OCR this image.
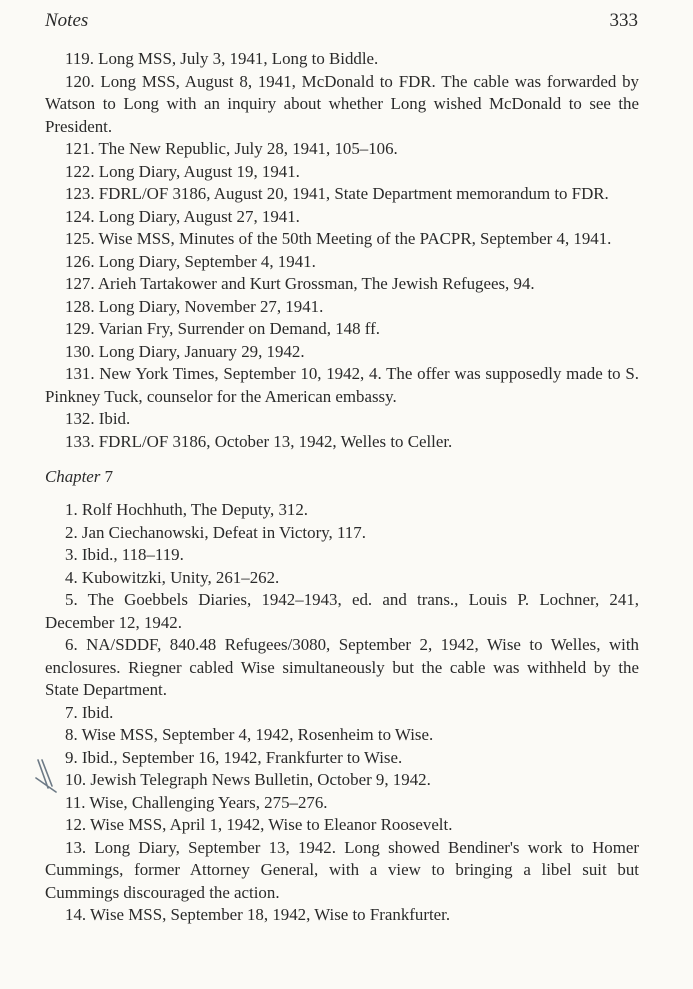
Notes	333

119. Long MSS, July 3, 1941, Long to Biddle.

120. Long MSS, August 8, 1941, McDonald to FDR. The cable was forwarded by Watson to Long with an inquiry about whether Long wished McDonald to see the President.

121. The New Republic, July 28, 1941, 105–106.

122. Long Diary, August 19, 1941.

123. FDRL/OF 3186, August 20, 1941, State Department memorandum to FDR.

124. Long Diary, August 27, 1941.

125. Wise MSS, Minutes of the 50th Meeting of the PACPR, September 4, 1941.

126. Long Diary, September 4, 1941.

127. Arieh Tartakower and Kurt Grossman, The Jewish Refugees, 94.

128. Long Diary, November 27, 1941.

129. Varian Fry, Surrender on Demand, 148 ff.

130. Long Diary, January 29, 1942.

131. New York Times, September 10, 1942, 4. The offer was supposedly made to S. Pinkney Tuck, counselor for the American embassy.

132. Ibid.

133. FDRL/OF 3186, October 13, 1942, Welles to Celler.

Chapter 7

1. Rolf Hochhuth, The Deputy, 312.

2. Jan Ciechanowski, Defeat in Victory, 117.

3. Ibid., 118–119.

4. Kubowitzki, Unity, 261–262.

5. The Goebbels Diaries, 1942–1943, ed. and trans., Louis P. Lochner, 241, December 12, 1942.

6. NA/SDDF, 840.48 Refugees/3080, September 2, 1942, Wise to Welles, with enclosures. Riegner cabled Wise simultaneously but the cable was withheld by the State Department.

7. Ibid.

8. Wise MSS, September 4, 1942, Rosenheim to Wise.

9. Ibid., September 16, 1942, Frankfurter to Wise.

10. Jewish Telegraph News Bulletin, October 9, 1942.

11. Wise, Challenging Years, 275–276.

12. Wise MSS, April 1, 1942, Wise to Eleanor Roosevelt.

13. Long Diary, September 13, 1942. Long showed Bendiner's work to Homer Cummings, former Attorney General, with a view to bringing a libel suit but Cummings discouraged the action.

14. Wise MSS, September 18, 1942, Wise to Frankfurter.
